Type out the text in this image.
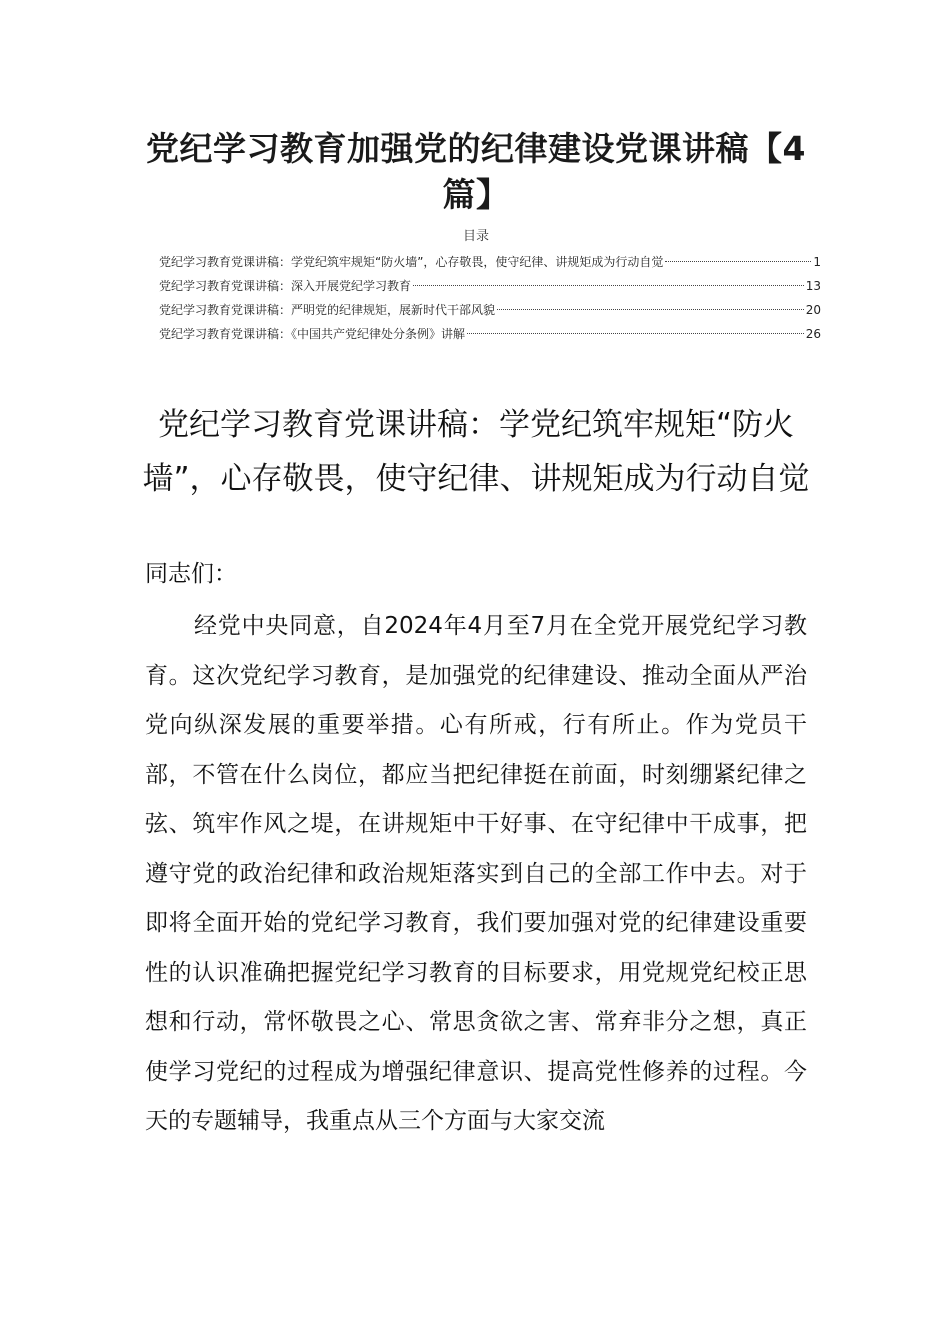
党纪学习教育加强党的纪律建设党课讲稿【4篇】

目录

党纪学习教育党课讲稿：学党纪筑牢规矩“防火墙”，心存敬畏，使守纪律、讲规矩成为行动自觉	1
党纪学习教育党课讲稿：深入开展党纪学习教育	13
党纪学习教育党课讲稿：严明党的纪律规矩，展新时代干部风貌	20
党纪学习教育党课讲稿：《中国共产党纪律处分条例》讲解	26
党纪学习教育党课讲稿：学党纪筑牢规矩“防火墙”，心存敬畏，使守纪律、讲规矩成为行动自觉

同志们：

经党中央同意，自2024年4月至7月在全党开展党纪学习教育。这次党纪学习教育，是加强党的纪律建设、推动全面从严治党向纵深发展的重要举措。心有所戒，行有所止。作为党员干部，不管在什么岗位，都应当把纪律挺在前面，时刻绷紧纪律之弦、筑牢作风之堤，在讲规矩中干好事、在守纪律中干成事，把遵守党的政治纪律和政治规矩落实到自己的全部工作中去。对于即将全面开始的党纪学习教育，我们要加强对党的纪律建设重要性的认识准确把握党纪学习教育的目标要求，用党规党纪校正思想和行动，常怀敬畏之心、常思贪欲之害、常弃非分之想，真正使学习党纪的过程成为增强纪律意识、提高党性修养的过程。今天的专题辅导，我重点从三个方面与大家交流
